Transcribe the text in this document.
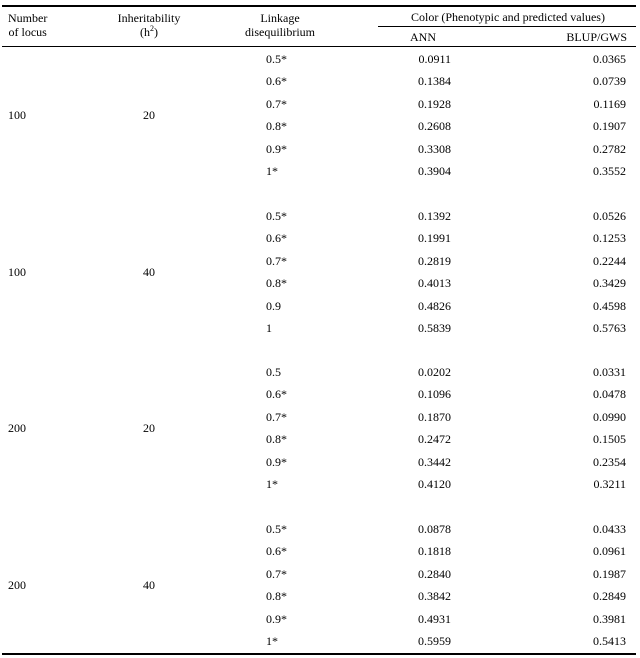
Number
of locus
Inheritability
$(h^2)$
Linkage
disequilibrium
Color (Phenotypic and predicted values)
ANN	BLUP/GWS
100	20
0.5*	0.0911	0.0365
0.6*	0.1384	0.0739
0.7*	0.1928	0.1169
0.8*	0.2608	0.1907
0.9*	0.3308	0.2782
1*	0.3904	0.3552
100	40
0.5*	0.1392	0.0526
0.6*	0.1991	0.1253
0.7*	0.2819	0.2244
0.8*	0.4013	0.3429
0.9	0.4826	0.4598
1	0.5839	0.5763
200	20
0.5	0.0202	0.0331
0.6*	0.1096	0.0478
0.7*	0.1870	0.0990
0.8*	0.2472	0.1505
0.9*	0.3442	0.2354
1*	0.4120	0.3211
200	40
0.5*	0.0878	0.0433
0.6*	0.1818	0.0961
0.7*	0.2840	0.1987
0.8*	0.3842	0.2849
0.9*	0.4931	0.3981
1*	0.5959	0.5413
